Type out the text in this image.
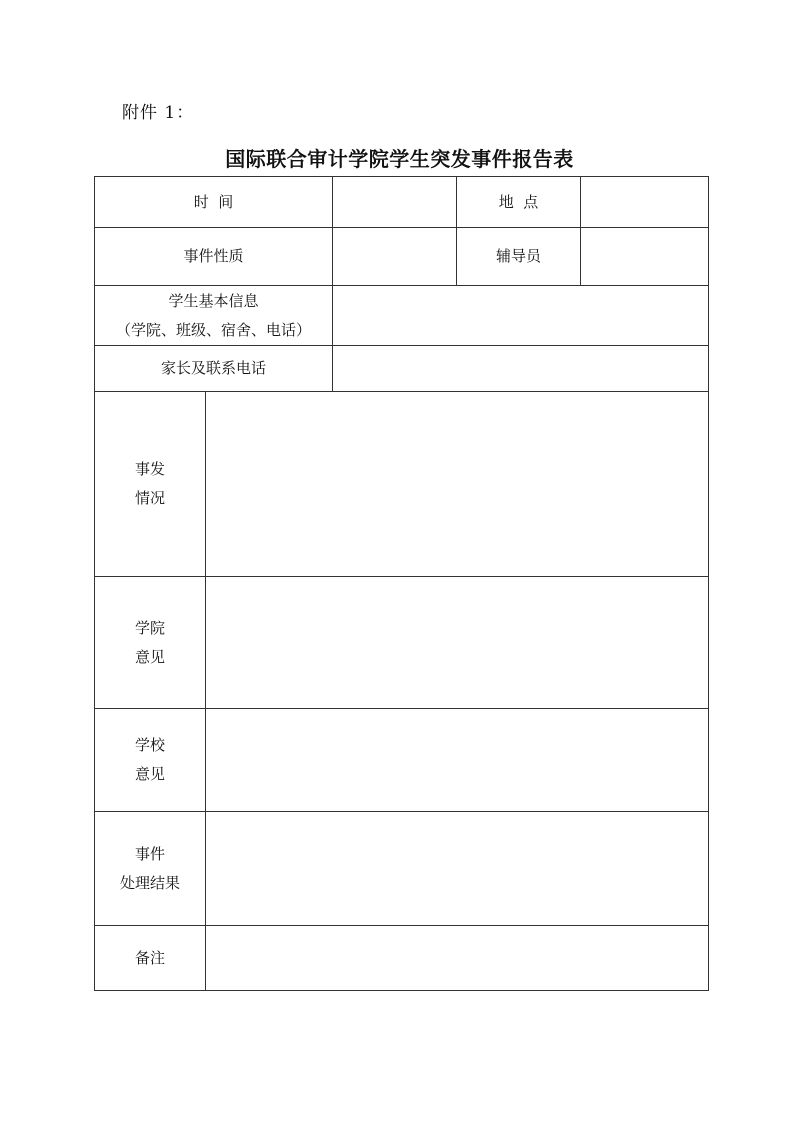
附件 1：
国际联合审计学院学生突发事件报告表
时  间			地  点	
事件性质			辅导员	

学生基本信息
（学院、班级、宿舍、电话）				

家长及联系电话				

事发
情况				

学院
意见				

学校
意见				

事件
处理结果				

备注				
